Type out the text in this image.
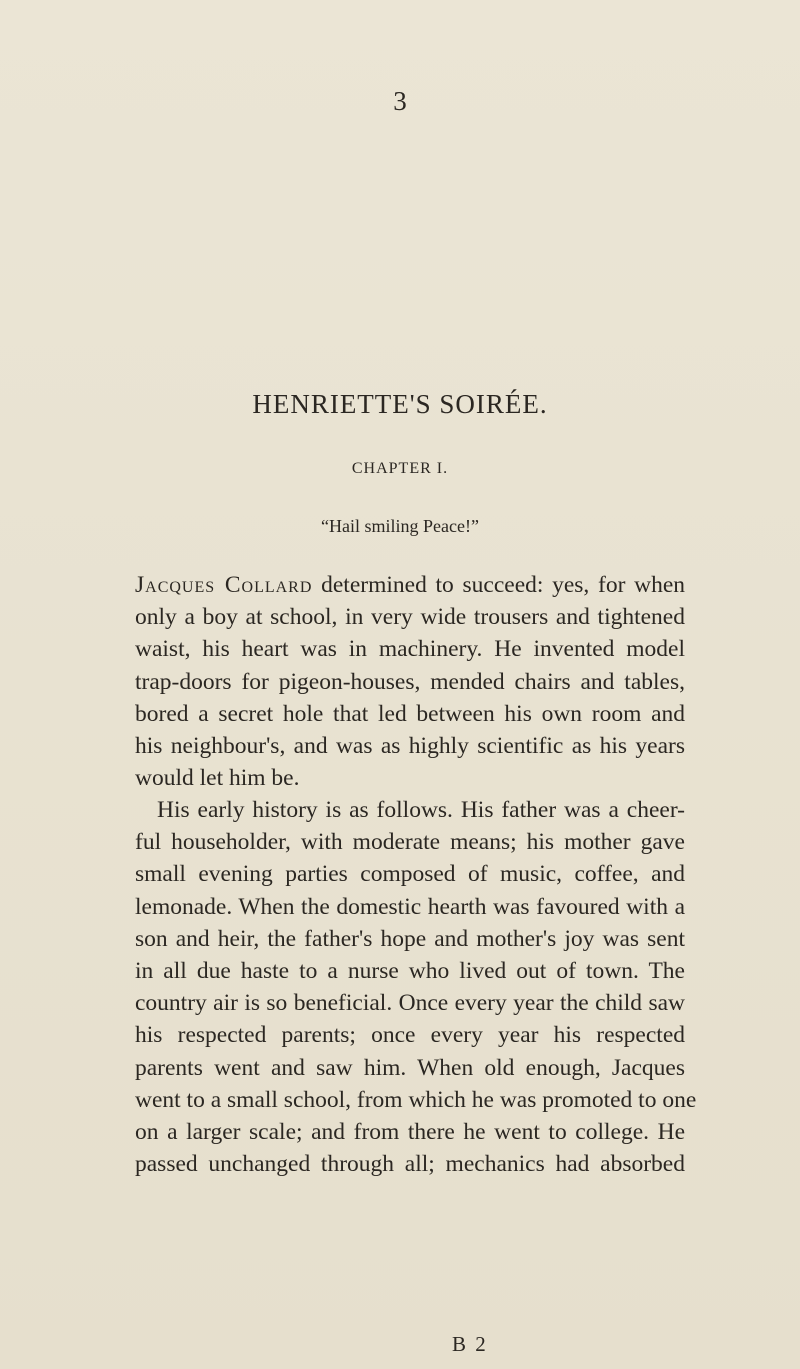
3
HENRIETTE'S SOIRÉE.
CHAPTER I.
“Hail smiling Peace!”
Jacques Collard determined to succeed: yes, for when
only a boy at school, in very wide trousers and tightened
waist, his heart was in machinery. He invented model
trap-doors for pigeon-houses, mended chairs and tables,
bored a secret hole that led between his own room and
his neighbour's, and was as highly scientific as his years
would let him be.
His early history is as follows. His father was a cheer-
ful householder, with moderate means; his mother gave
small evening parties composed of music, coffee, and
lemonade. When the domestic hearth was favoured with a
son and heir, the father's hope and mother's joy was sent
in all due haste to a nurse who lived out of town. The
country air is so beneficial. Once every year the child saw
his respected parents; once every year his respected
parents went and saw him. When old enough, Jacques
went to a small school, from which he was promoted to one
on a larger scale; and from there he went to college. He
passed unchanged through all; mechanics had absorbed
B 2
